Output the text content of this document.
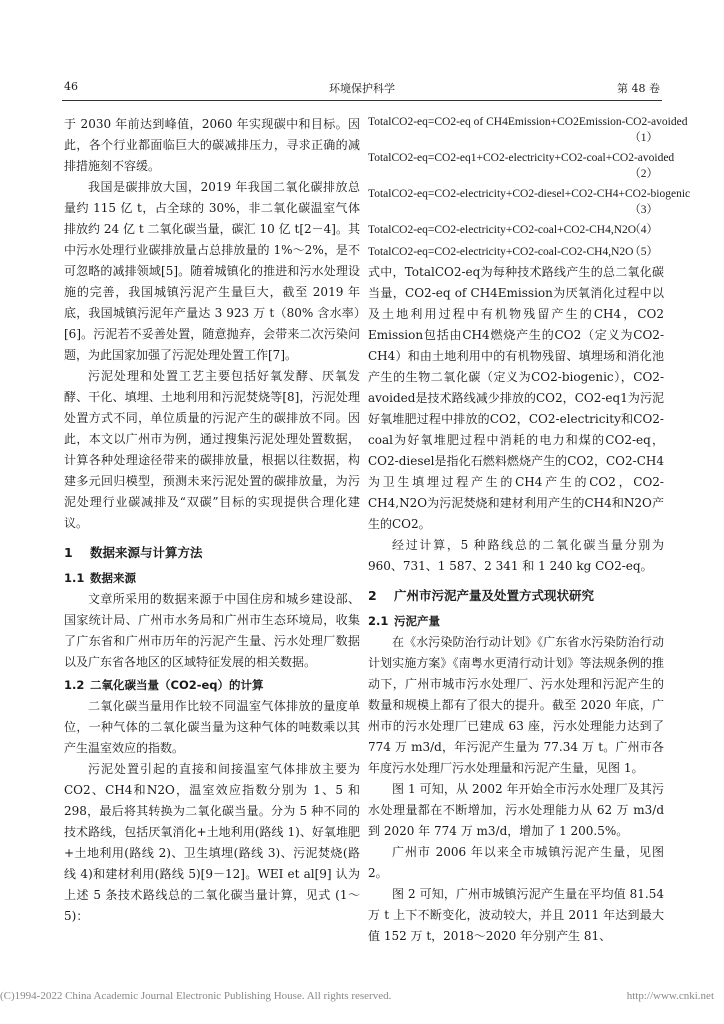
46	环境保护科学	第 48 卷

于 2030 年前达到峰值，2060 年实现碳中和目标。因此，各个行业都面临巨大的碳减排压力，寻求正确的减排措施刻不容缓。

我国是碳排放大国，2019 年我国二氧化碳排放总量约 115 亿 t，占全球的 30%，非二氧化碳温室气体排放约 24 亿 t 二氧化碳当量，碳汇 10 亿 t[2－4]。其中污水处理行业碳排放量占总排放量的 1%～2%，是不可忽略的减排领域[5]。随着城镇化的推进和污水处理设施的完善，我国城镇污泥产生量巨大，截至 2019 年底，我国城镇污泥年产量达 3 923 万 t（80% 含水率）[6]。污泥若不妥善处置，随意抛弃，会带来二次污染问题，为此国家加强了污泥处理处置工作[7]。

污泥处理和处置工艺主要包括好氧发酵、厌氧发酵、干化、填埋、土地利用和污泥焚烧等[8]，污泥处理处置方式不同，单位质量的污泥产生的碳排放不同。因此，本文以广州市为例，通过搜集污泥处理处置数据，计算各种处理途径带来的碳排放量，根据以往数据，构建多元回归模型，预测未来污泥处置的碳排放量，为污泥处理行业碳减排及“双碳”目标的实现提供合理化建议。

1 数据来源与计算方法
1.1 数据来源

文章所采用的数据来源于中国住房和城乡建设部、国家统计局、广州市水务局和广州市生态环境局，收集了广东省和广州市历年的污泥产生量、污水处理厂数据以及广东省各地区的区域特征发展的相关数据。

1.2 二氧化碳当量（CO2-eq）的计算

二氧化碳当量用作比较不同温室气体排放的量度单位，一种气体的二氧化碳当量为这种气体的吨数乘以其产生温室效应的指数。

污泥处置引起的直接和间接温室气体排放主要为CO2、CH4和N2O，温室效应指数分别为 1、5 和 298，最后将其转换为二氧化碳当量。分为 5 种不同的技术路线，包括厌氧消化+土地利用(路线 1)、好氧堆肥+土地利用(路线 2)、卫生填埋(路线 3)、污泥焚烧(路线 4)和建材利用(路线 5)[9－12]。WEI et al[9] 认为上述 5 条技术路线总的二氧化碳当量计算，见式 (1～5)：

TotalCO2-eq=CO2-eq of CH4Emission+CO2Emission-CO2-avoided
（1）
TotalCO2-eq=CO2-eq1+CO2-electricity+CO2-coal+CO2-avoided
（2）
TotalCO2-eq=CO2-electricity+CO2-diesel+CO2-CH4+CO2-biogenic
（3）
TotalCO2-eq=CO2-electricity+CO2-coal+CO2-CH4,N2O
（4）
TotalCO2-eq=CO2-electricity+CO2-coal-CO2-CH4,N2O
（5）

式中，TotalCO2-eq为每种技术路线产生的总二氧化碳当量，CO2-eq of CH4Emission为厌氧消化过程中以及土地利用过程中有机物残留产生的CH4，CO2 Emission包括由CH4燃烧产生的CO2（定义为CO2-CH4）和由土地利用中的有机物残留、填埋场和消化池产生的生物二氧化碳（定义为CO2-biogenic），CO2-avoided是技术路线减少排放的CO2，CO2-eq1为污泥好氧堆肥过程中排放的CO2，CO2-electricity和CO2-coal为好氧堆肥过程中消耗的电力和煤的CO2-eq，CO2-diesel是指化石燃料燃烧产生的CO2，CO2-CH4为卫生填埋过程产生的CH4产生的CO2，CO2-CH4,N2O为污泥焚烧和建材利用产生的CH4和N2O产生的CO2。

经过计算，5 种路线总的二氧化碳当量分别为 960、731、1 587、2 341 和 1 240 kg CO2-eq。

2 广州市污泥产量及处置方式现状研究
2.1 污泥产量

在《水污染防治行动计划》《广东省水污染防治行动计划实施方案》《南粤水更清行动计划》等法规条例的推动下，广州市城市污水处理厂、污水处理和污泥产生的数量和规模上都有了很大的提升。截至 2020 年底，广州市的污水处理厂已建成 63 座，污水处理能力达到了 774 万 m3/d，年污泥产生量为 77.34 万 t。广州市各年度污水处理厂污水处理量和污泥产生量，见图 1。

图 1 可知，从 2002 年开始全市污水处理厂及其污水处理量都在不断增加，污水处理能力从 62 万 m3/d 到 2020 年 774 万 m3/d，增加了 1 200.5%。

广州市 2006 年以来全市城镇污泥产生量，见图 2。

图 2 可知，广州市城镇污泥产生量在平均值 81.54 万 t 上下不断变化，波动较大，并且 2011 年达到最大值 152 万 t，2018～2020 年分别产生 81、

(C)1994-2022 China Academic Journal Electronic Publishing House. All rights reserved.	http://www.cnki.net
